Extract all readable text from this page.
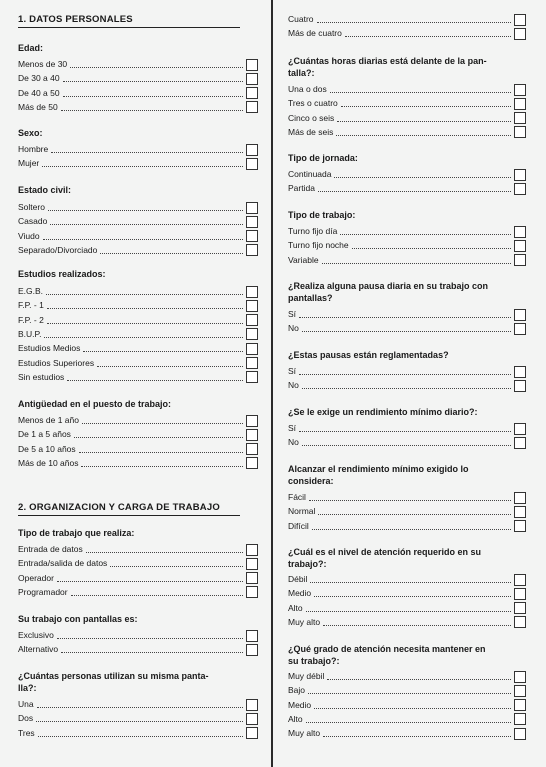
1. DATOS PERSONALES
Edad:
Menos de 30
De 30 a 40
De 40 a 50
Más de 50
Sexo:
Hombre
Mujer
Estado civil:
Soltero
Casado
Viudo
Separado/Divorciado
Estudios realizados:
E.G.B.
F.P. - 1
F.P. - 2
B.U.P.
Estudios Medios
Estudios Superiores
Sin estudios
Antigüedad en el puesto de trabajo:
Menos de 1 año
De 1 a 5 años
De 5 a 10 años
Más de 10 años
2. ORGANIZACION Y CARGA DE TRABAJO
Tipo de trabajo que realiza:
Entrada de datos
Entrada/salida de datos
Operador
Programador
Su trabajo con pantallas es:
Exclusivo
Alternativo
¿Cuántas personas utilizan su misma panta-
lla?:
Una
Dos
Tres
Cuatro
Más de cuatro
¿Cuántas horas diarias está delante de la pan-
talla?:
Una o dos
Tres o cuatro
Cinco o seis
Más de seis
Tipo de jornada:
Continuada
Partida
Tipo de trabajo:
Turno fijo día
Turno fijo noche
Variable
¿Realiza alguna pausa diaria en su trabajo con
pantallas?
Sí
No
¿Estas pausas están reglamentadas?
Sí
No
¿Se le exige un rendimiento mínimo diario?:
Sí
No
Alcanzar el rendimiento mínimo exigido lo
considera:
Fácil
Normal
Difícil
¿Cuál es el nivel de atención requerido en su
trabajo?:
Débil
Medio
Alto
Muy alto
¿Qué grado de atención necesita mantener en
su trabajo?:
Muy débil
Bajo
Medio
Alto
Muy alto
